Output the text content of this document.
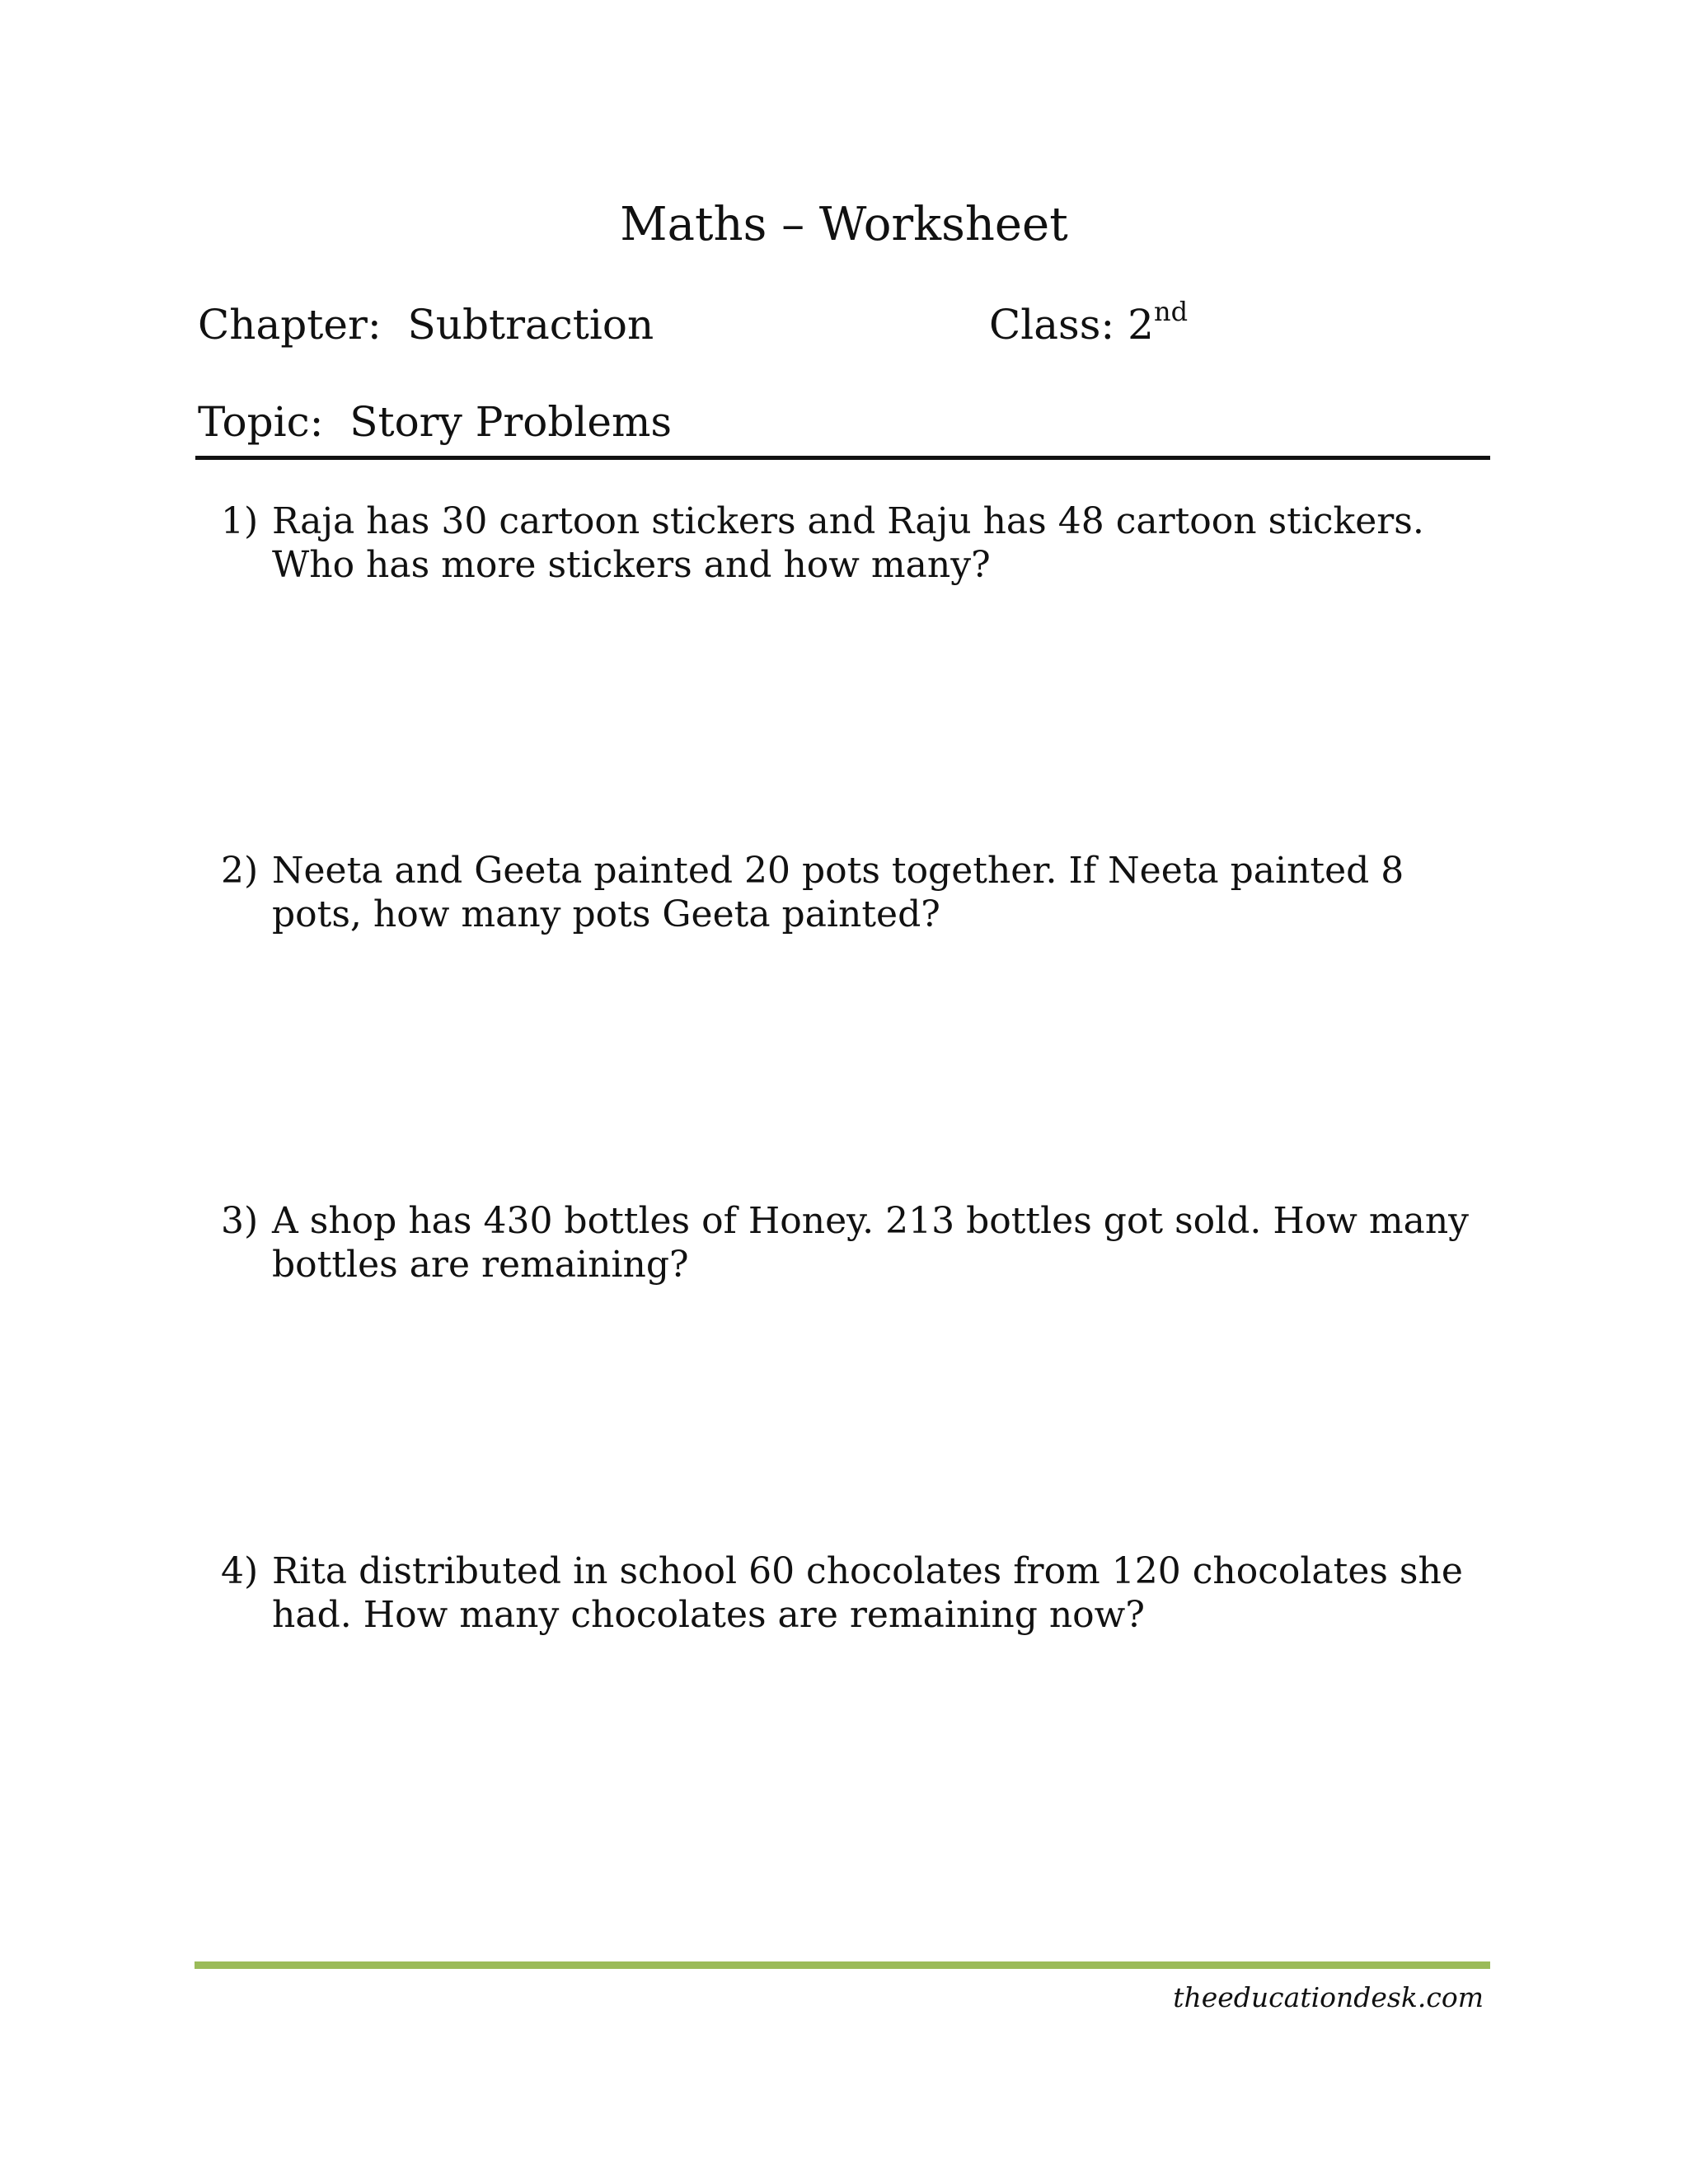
Maths – Worksheet
Chapter: Subtraction	Class: 2nd
Topic: Story Problems
1) Raja has 30 cartoon stickers and Raju has 48 cartoon stickers. Who has more stickers and how many?
2) Neeta and Geeta painted 20 pots together. If Neeta painted 8 pots, how many pots Geeta painted?
3) A shop has 430 bottles of Honey. 213 bottles got sold. How many bottles are remaining?
4) Rita distributed in school 60 chocolates from 120 chocolates she had. How many chocolates are remaining now?
theeducationdesk.com
